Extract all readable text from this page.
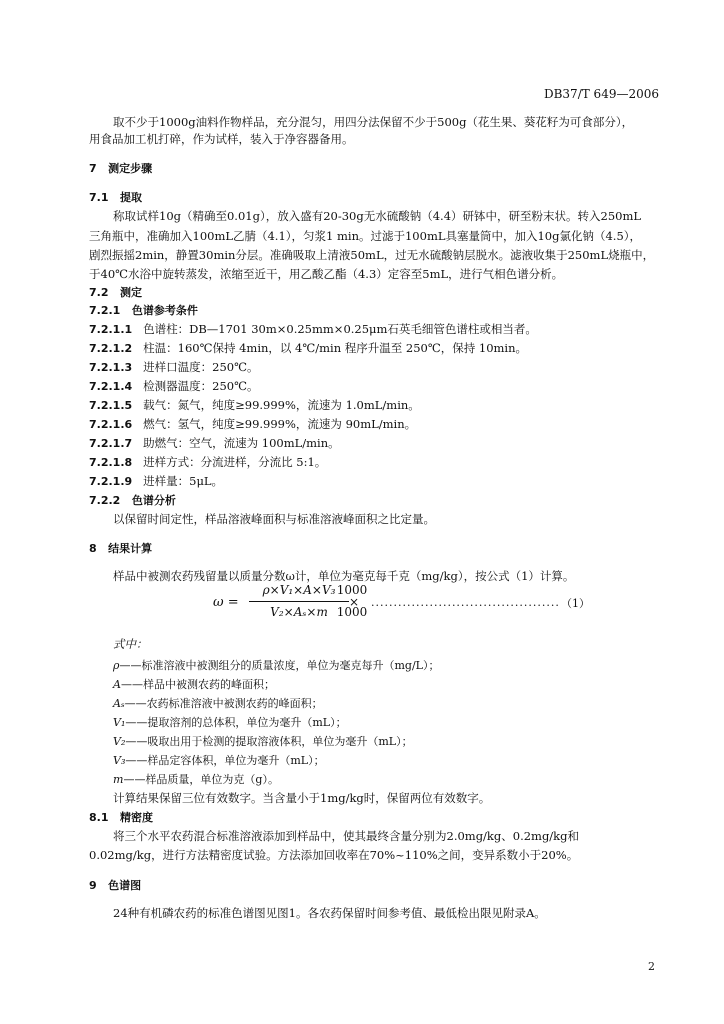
DB37/T 649—2006
取不少于1000g油料作物样品，充分混匀，用四分法保留不少于500g（花生果、葵花籽为可食部分），
用食品加工机打碎，作为试样，装入于净容器备用。
7 测定步骤
7.1 提取
称取试样10g（精确至0.01g），放入盛有20-30g无水硫酸钠（4.4）研钵中，研至粉末状。转入250mL
三角瓶中，准确加入100mL乙腈（4.1），匀浆1 min。过滤于100mL具塞量筒中，加入10g氯化钠（4.5），
剧烈振摇2min，静置30min分层。准确吸取上清液50mL，过无水硫酸钠层脱水。滤液收集于250mL烧瓶中，
于40℃水浴中旋转蒸发，浓缩至近干，用乙酸乙酯（4.3）定容至5mL，进行气相色谱分析。
7.2 测定
7.2.1 色谱参考条件
7.2.1.1 色谱柱：DB—1701 30m×0.25mm×0.25μm石英毛细管色谱柱或相当者。
7.2.1.2 柱温：160℃保持 4min，以 4℃/min 程序升温至 250℃，保持 10min。
7.2.1.3 进样口温度：250℃。
7.2.1.4 检测器温度：250℃。
7.2.1.5 载气：氮气，纯度≥99.999%，流速为 1.0mL/min。
7.2.1.6 燃气：氢气，纯度≥99.999%，流速为 90mL/min。
7.2.1.7 助燃气：空气，流速为 100mL/min。
7.2.1.8 进样方式：分流进样，分流比 5:1。
7.2.1.9 进样量：5μL。
7.2.2 色谱分析
以保留时间定性，样品溶液峰面积与标准溶液峰面积之比定量。
8 结果计算
样品中被测农药残留量以质量分数ω计，单位为毫克每千克（mg/kg），按公式（1）计算。
ω =
ρ×V₁×A×V₃
V₂×Aₛ×m
×
1000
1000
.......................................... （1）
式中：
ρ——标准溶液中被测组分的质量浓度，单位为毫克每升（mg/L）；
A——样品中被测农药的峰面积；
Aₛ——农药标准溶液中被测农药的峰面积；
V₁——提取溶剂的总体积，单位为毫升（mL）；
V₂——吸取出用于检测的提取溶液体积，单位为毫升（mL）；
V₃——样品定容体积，单位为毫升（mL）；
m——样品质量，单位为克（g）。
计算结果保留三位有效数字。当含量小于1mg/kg时，保留两位有效数字。
8.1 精密度
将三个水平农药混合标准溶液添加到样品中，使其最终含量分别为2.0mg/kg、0.2mg/kg和
0.02mg/kg，进行方法精密度试验。方法添加回收率在70%~110%之间，变异系数小于20%。
9 色谱图
24种有机磷农药的标准色谱图见图1。各农药保留时间参考值、最低检出限见附录A。
2
